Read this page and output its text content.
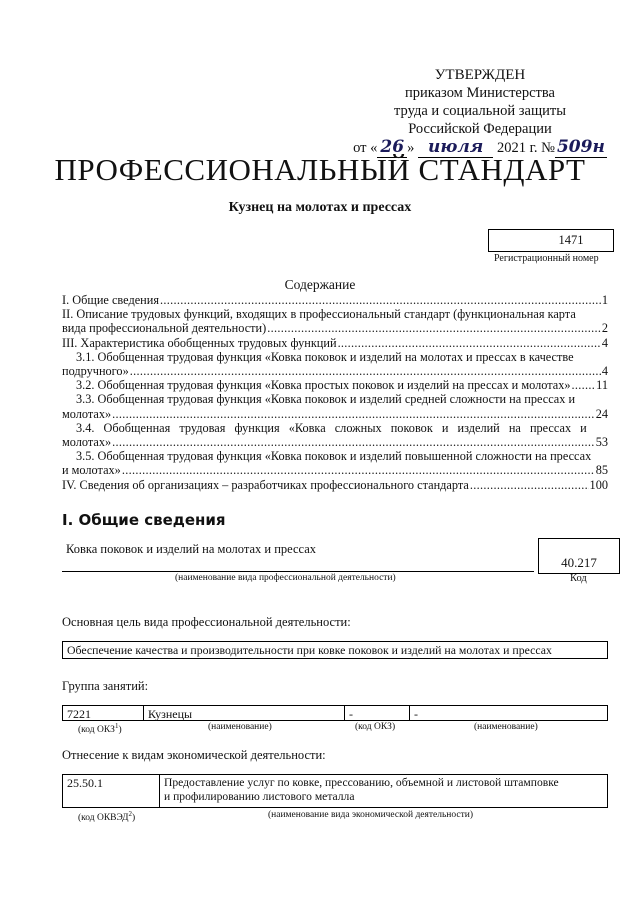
УТВЕРЖДЕН
приказом Министерства
труда и социальной защиты
Российской Федерации
от « 26 » июля 2021 г. № 509н
ПРОФЕССИОНАЛЬНЫЙ СТАНДАРТ
Кузнец на молотах и прессах
1471
Регистрационный номер
Содержание
I. Общие сведения .....	1
II. Описание трудовых функций, входящих в профессиональный стандарт (функциональная карта
вида профессиональной деятельности) .....	2
III. Характеристика обобщенных трудовых функций .....	4
3.1. Обобщенная трудовая функция «Ковка поковок и изделий на молотах и прессах в качестве
подручного» .....	4
3.2. Обобщенная трудовая функция «Ковка простых поковок и изделий на прессах и молотах» ..... 11
3.3. Обобщенная трудовая функция «Ковка поковок и изделий средней сложности на прессах и
молотах» .....	24
3.4. Обобщенная трудовая функция «Ковка сложных поковок и изделий на прессах и
молотах» .....	53
3.5. Обобщенная трудовая функция «Ковка поковок и изделий повышенной сложности на прессах
и молотах» .....	85
IV. Сведения об организациях – разработчиках профессионального стандарта .....	100
I. Общие сведения
Ковка поковок и изделий на молотах и прессах
(наименование вида профессиональной деятельности)
40.217
Код
Основная цель вида профессиональной деятельности:
Обеспечение качества и производительности при ковке поковок и изделий на молотах и прессах
Группа занятий:
7221	Кузнецы	-	-
(код ОКЗ$^1$)	(наименование)	(код ОКЗ)	(наименование)
Отнесение к видам экономической деятельности:
25.50.1	Предоставление услуг по ковке, прессованию, объемной и листовой штамповке
и профилированию листового металла
(код ОКВЭД$^2$)	(наименование вида экономической деятельности)
